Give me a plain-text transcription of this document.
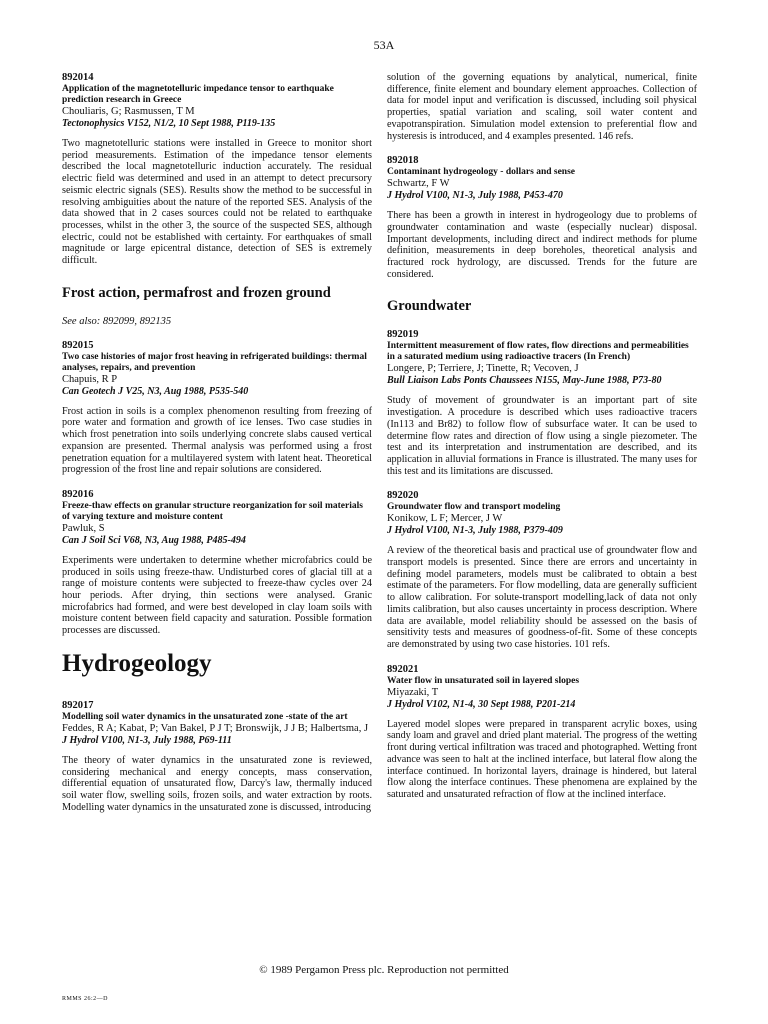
53A
892014
Application of the magnetotelluric impedance tensor to earthquake prediction research in Greece
Chouliaris, G; Rasmussen, T M
Tectonophysics V152, N1/2, 10 Sept 1988, P119-135
Two magnetotelluric stations were installed in Greece to monitor short period measurements. Estimation of the impedance tensor elements described the local magnetotelluric induction accurately. The residual electric field was determined and used in an attempt to detect precursory seismic electric signals (SES). Results show the method to be successful in resolving ambiguities about the nature of the reported SES. Analysis of the data showed that in 2 cases sources could not be related to earthquake processes, whilst in the other 3, the source of the suspected SES, although electric, could not be established with certainty. For earthquakes of small magnitude or large epicentral distance, detection of SES is extremely difficult.
Frost action, permafrost and frozen ground
See also: 892099, 892135
892015
Two case histories of major frost heaving in refrigerated buildings: thermal analyses, repairs, and prevention
Chapuis, R P
Can Geotech J V25, N3, Aug 1988, P535-540
Frost action in soils is a complex phenomenon resulting from freezing of pore water and formation and growth of ice lenses. Two case studies in which frost penetration into soils underlying concrete slabs caused vertical expansion are presented. Thermal analysis was performed using a frost penetration equation for a multilayered system with latent heat. Theoretical progression of the frost line and repair solutions are considered.
892016
Freeze-thaw effects on granular structure reorganization for soil materials of varying texture and moisture content
Pawluk, S
Can J Soil Sci V68, N3, Aug 1988, P485-494
Experiments were undertaken to determine whether microfabrics could be produced in soils using freeze-thaw. Undisturbed cores of glacial till at a range of moisture contents were subjected to freeze-thaw cycles over 24 hour periods. After drying, thin sections were analysed. Granic microfabrics had formed, and were best developed in clay loam soils with moisture content between field capacity and saturation. Possible formation processes are discussed.
Hydrogeology
892017
Modelling soil water dynamics in the unsaturated zone -state of the art
Feddes, R A; Kabat, P; Van Bakel, P J T; Bronswijk, J J B; Halbertsma, J
J Hydrol V100, N1-3, July 1988, P69-111
The theory of water dynamics in the unsaturated zone is reviewed, considering mechanical and energy concepts, mass conservation, differential equation of unsaturated flow, Darcy's law, thermally induced soil water flow, swelling soils, frozen soils, and water extraction by roots. Modelling water dynamics in the unsaturated zone is discussed, introducing
solution of the governing equations by analytical, numerical, finite difference, finite element and boundary element approaches. Collection of data for model input and verification is discussed, including soil physical properties, spatial variation and scaling, soil water content and evapotranspiration. Simulation model extension to preferential flow and hysteresis is introduced, and 4 examples presented. 146 refs.
892018
Contaminant hydrogeology - dollars and sense
Schwartz, F W
J Hydrol V100, N1-3, July 1988, P453-470
There has been a growth in interest in hydrogeology due to problems of groundwater contamination and waste (especially nuclear) disposal. Important developments, including direct and indirect methods for plume definition, measurements in deep boreholes, theoretical analysis and fractured rock hydrology, are discussed. Trends for the future are considered.
Groundwater
892019
Intermittent measurement of flow rates, flow directions and permeabilities in a saturated medium using radioactive tracers (In French)
Longere, P; Terriere, J; Tinette, R; Vecoven, J
Bull Liaison Labs Ponts Chaussees N155, May-June 1988, P73-80
Study of movement of groundwater is an important part of site investigation. A procedure is described which uses radioactive tracers (In113 and Br82) to follow flow of subsurface water. It can be used to determine flow rates and direction of flow using a single piezometer. The test and its interpretation and instrumentation are described, and its application in alluvial formations in France is illustrated. The many uses for this test and its limitations are discussed.
892020
Groundwater flow and transport modeling
Konikow, L F; Mercer, J W
J Hydrol V100, N1-3, July 1988, P379-409
A review of the theoretical basis and practical use of groundwater flow and transport models is presented. Since there are errors and uncertainty in defining model parameters, models must be calibrated to obtain a best estimate of the parameters. For flow modelling, data are generally sufficient to allow calibration. For solute-transport modelling,lack of data not only limits calibration, but also causes uncertainty in process description. Where data are available, model reliability should be assessed on the basis of sensitivity tests and measures of goodness-of-fit. Some of these concepts are demonstrated by using two case histories. 101 refs.
892021
Water flow in unsaturated soil in layered slopes
Miyazaki, T
J Hydrol V102, N1-4, 30 Sept 1988, P201-214
Layered model slopes were prepared in transparent acrylic boxes, using sandy loam and gravel and dried plant material. The progress of the wetting front during vertical infiltration was traced and photographed. Wetting front advance was seen to halt at the inclined interface, but lateral flow along the interface continued. In horizontal layers, drainage is hindered, but lateral flow along the interface continues. These phenomena are explained by the saturated and unsaturated refraction of flow at the inclined interface.
© 1989 Pergamon Press plc. Reproduction not permitted
RMMS 26:2—D
